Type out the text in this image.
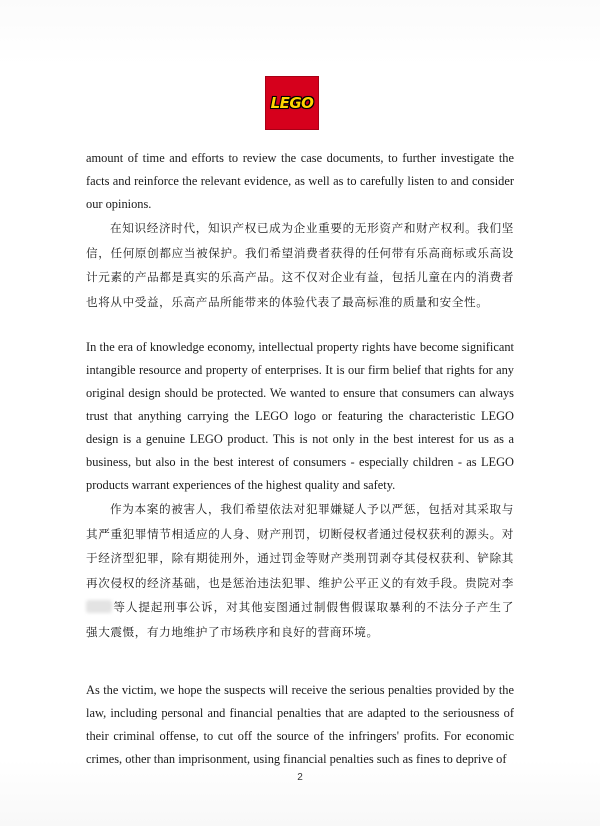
LEGO

amount of time and efforts to review the case documents, to further investigate the facts and reinforce the relevant evidence, as well as to carefully listen to and consider our opinions.

在知识经济时代，知识产权已成为企业重要的无形资产和财产权利。我们坚信，任何原创都应当被保护。我们希望消费者获得的任何带有乐高商标或乐高设计元素的产品都是真实的乐高产品。这不仅对企业有益，包括儿童在内的消费者也将从中受益，乐高产品所能带来的体验代表了最高标准的质量和安全性。

In the era of knowledge economy, intellectual property rights have become significant intangible resource and property of enterprises. It is our firm belief that rights for any original design should be protected. We wanted to ensure that consumers can always trust that anything carrying the LEGO logo or featuring the characteristic LEGO design is a genuine LEGO product. This is not only in the best interest for us as a business, but also in the best interest of consumers - especially children - as LEGO products warrant experiences of the highest quality and safety.

作为本案的被害人，我们希望依法对犯罪嫌疑人予以严惩，包括对其采取与其严重犯罪情节相适应的人身、财产刑罚，切断侵权者通过侵权获利的源头。对于经济型犯罪，除有期徒刑外，通过罚金等财产类刑罚剥夺其侵权获利、铲除其再次侵权的经济基础，也是惩治违法犯罪、维护公平正义的有效手段。贵院对李等人提起刑事公诉，对其他妄图通过制假售假谋取暴利的不法分子产生了强大震慑，有力地维护了市场秩序和良好的营商环境。

As the victim, we hope the suspects will receive the serious penalties provided by the law, including personal and financial penalties that are adapted to the seriousness of their criminal offense, to cut off the source of the infringers' profits. For economic crimes, other than imprisonment, using financial penalties such as fines to deprive of

2
